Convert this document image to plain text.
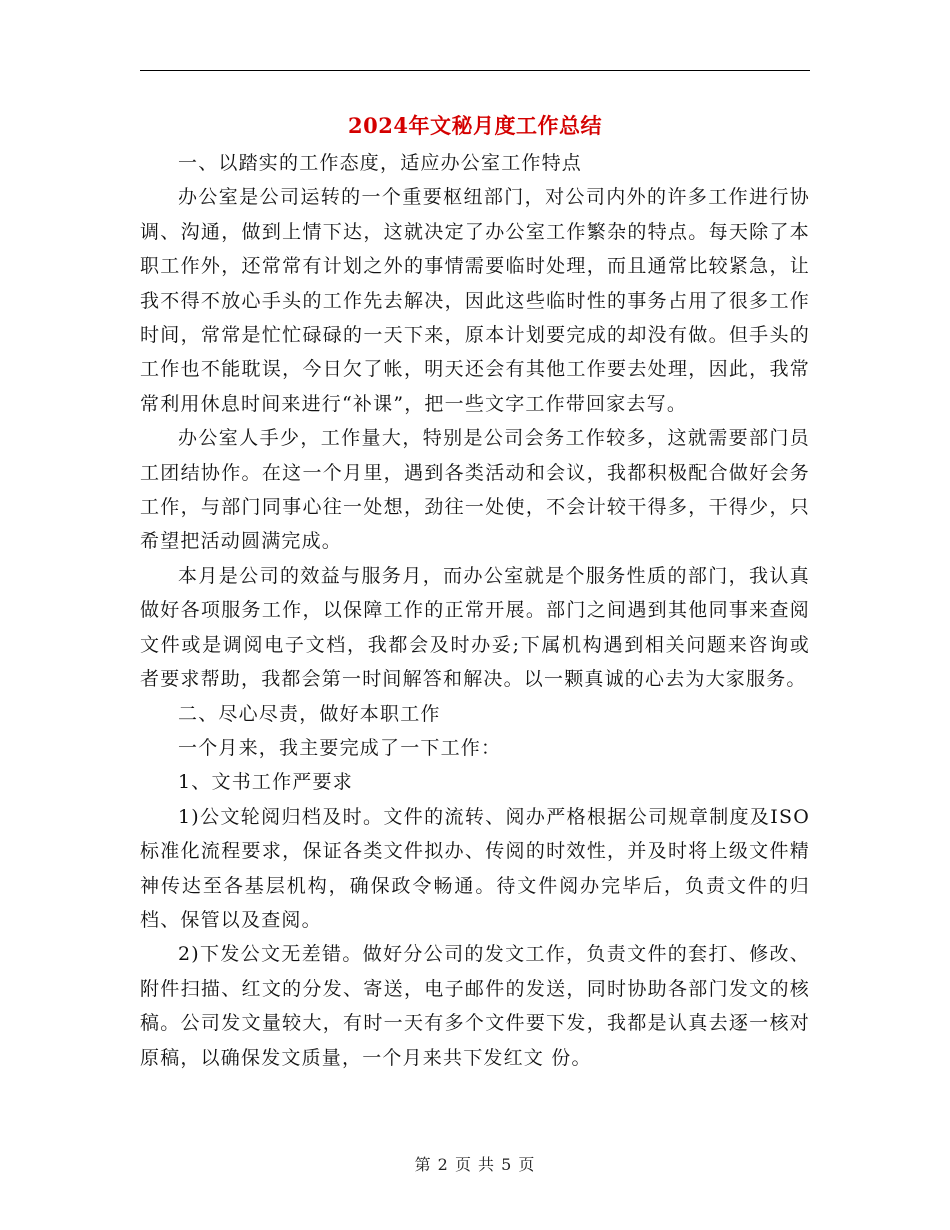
2024年文秘月度工作总结

一、以踏实的工作态度，适应办公室工作特点

办公室是公司运转的一个重要枢纽部门，对公司内外的许多工作进行协调、沟通，做到上情下达，这就决定了办公室工作繁杂的特点。每天除了本职工作外，还常常有计划之外的事情需要临时处理，而且通常比较紧急，让我不得不放心手头的工作先去解决，因此这些临时性的事务占用了很多工作时间，常常是忙忙碌碌的一天下来，原本计划要完成的却没有做。但手头的工作也不能耽误，今日欠了帐，明天还会有其他工作要去处理，因此，我常常利用休息时间来进行“补课”，把一些文字工作带回家去写。

办公室人手少，工作量大，特别是公司会务工作较多，这就需要部门员工团结协作。在这一个月里，遇到各类活动和会议，我都积极配合做好会务工作，与部门同事心往一处想，劲往一处使，不会计较干得多，干得少，只希望把活动圆满完成。

本月是公司的效益与服务月，而办公室就是个服务性质的部门，我认真做好各项服务工作，以保障工作的正常开展。部门之间遇到其他同事来查阅文件或是调阅电子文档，我都会及时办妥;下属机构遇到相关问题来咨询或者要求帮助，我都会第一时间解答和解决。以一颗真诚的心去为大家服务。

二、尽心尽责，做好本职工作

一个月来，我主要完成了一下工作：

1、文书工作严要求

1)公文轮阅归档及时。文件的流转、阅办严格根据公司规章制度及ISO标准化流程要求，保证各类文件拟办、传阅的时效性，并及时将上级文件精神传达至各基层机构，确保政令畅通。待文件阅办完毕后，负责文件的归档、保管以及查阅。

2)下发公文无差错。做好分公司的发文工作，负责文件的套打、修改、附件扫描、红文的分发、寄送，电子邮件的发送，同时协助各部门发文的核稿。公司发文量较大，有时一天有多个文件要下发，我都是认真去逐一核对原稿，以确保发文质量，一个月来共下发红文 份。

第 2 页 共 5 页
